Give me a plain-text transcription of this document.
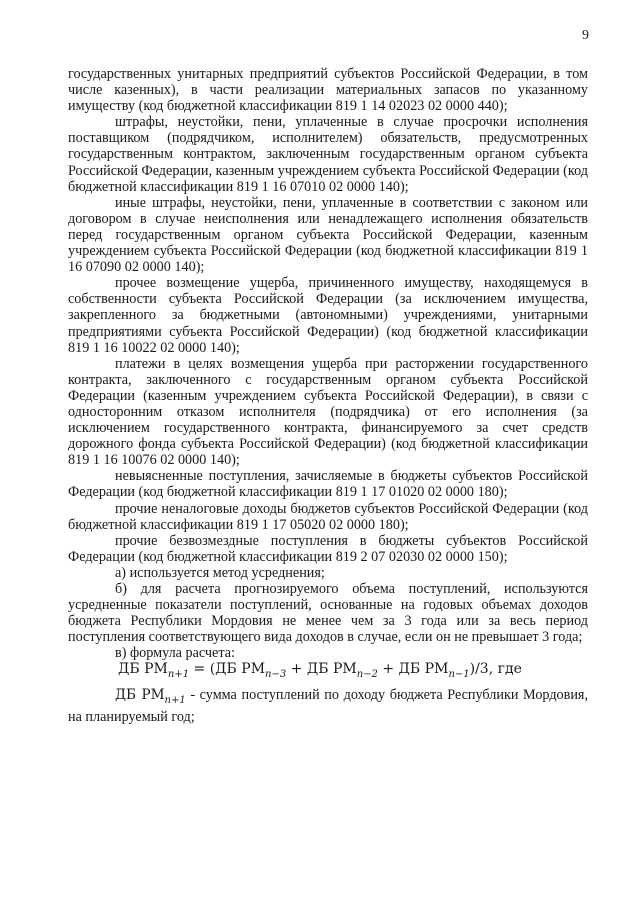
9

государственных унитарных предприятий субъектов Российской Федерации, в том числе казенных), в части реализации материальных запасов по указанному имуществу (код бюджетной классификации 819 1 14 02023 02 0000 440);

штрафы, неустойки, пени, уплаченные в случае просрочки исполнения поставщиком (подрядчиком, исполнителем) обязательств, предусмотренных государственным контрактом, заключенным государственным органом субъекта Российской Федерации, казенным учреждением субъекта Российской Федерации (код бюджетной классификации 819 1 16 07010 02 0000 140);

иные штрафы, неустойки, пени, уплаченные в соответствии с законом или договором в случае неисполнения или ненадлежащего исполнения обязательств перед государственным органом субъекта Российской Федерации, казенным учреждением субъекта Российской Федерации (код бюджетной классификации 819 1 16 07090 02 0000 140);

прочее возмещение ущерба, причиненного имуществу, находящемуся в собственности субъекта Российской Федерации (за исключением имущества, закрепленного за бюджетными (автономными) учреждениями, унитарными предприятиями субъекта Российской Федерации) (код бюджетной классификации 819 1 16 10022 02 0000 140);

платежи в целях возмещения ущерба при расторжении государственного контракта, заключенного с государственным органом субъекта Российской Федерации (казенным учреждением субъекта Российской Федерации), в связи с односторонним отказом исполнителя (подрядчика) от его исполнения (за исключением государственного контракта, финансируемого за счет средств дорожного фонда субъекта Российской Федерации) (код бюджетной классификации 819 1 16 10076 02 0000 140);

невыясненные поступления, зачисляемые в бюджеты субъектов Российской Федерации (код бюджетной классификации 819 1 17 01020 02 0000 180);

прочие неналоговые доходы бюджетов субъектов Российской Федерации (код бюджетной классификации 819 1 17 05020 02 0000 180);

прочие безвозмездные поступления в бюджеты субъектов Российской Федерации (код бюджетной классификации 819 2 07 02030 02 0000 150);

а) используется метод усреднения;

б) для расчета прогнозируемого объема поступлений, используются усредненные показатели поступлений, основанные на годовых объемах доходов бюджета Республики Мордовия не менее чем за 3 года или за весь период поступления соответствующего вида доходов в случае, если он не превышает 3 года;

в) формула расчета:

ДБ $РМ_{n+1} = (ДБ$ $РМ_{n-3}$ + ДБ $РМ_{n-2}$ + ДБ $РМ_{n-1})/3$, где

ДБ $РМ_{n+1}$ - сумма поступлений по доходу бюджета Республики Мордовия, на планируемый год;
